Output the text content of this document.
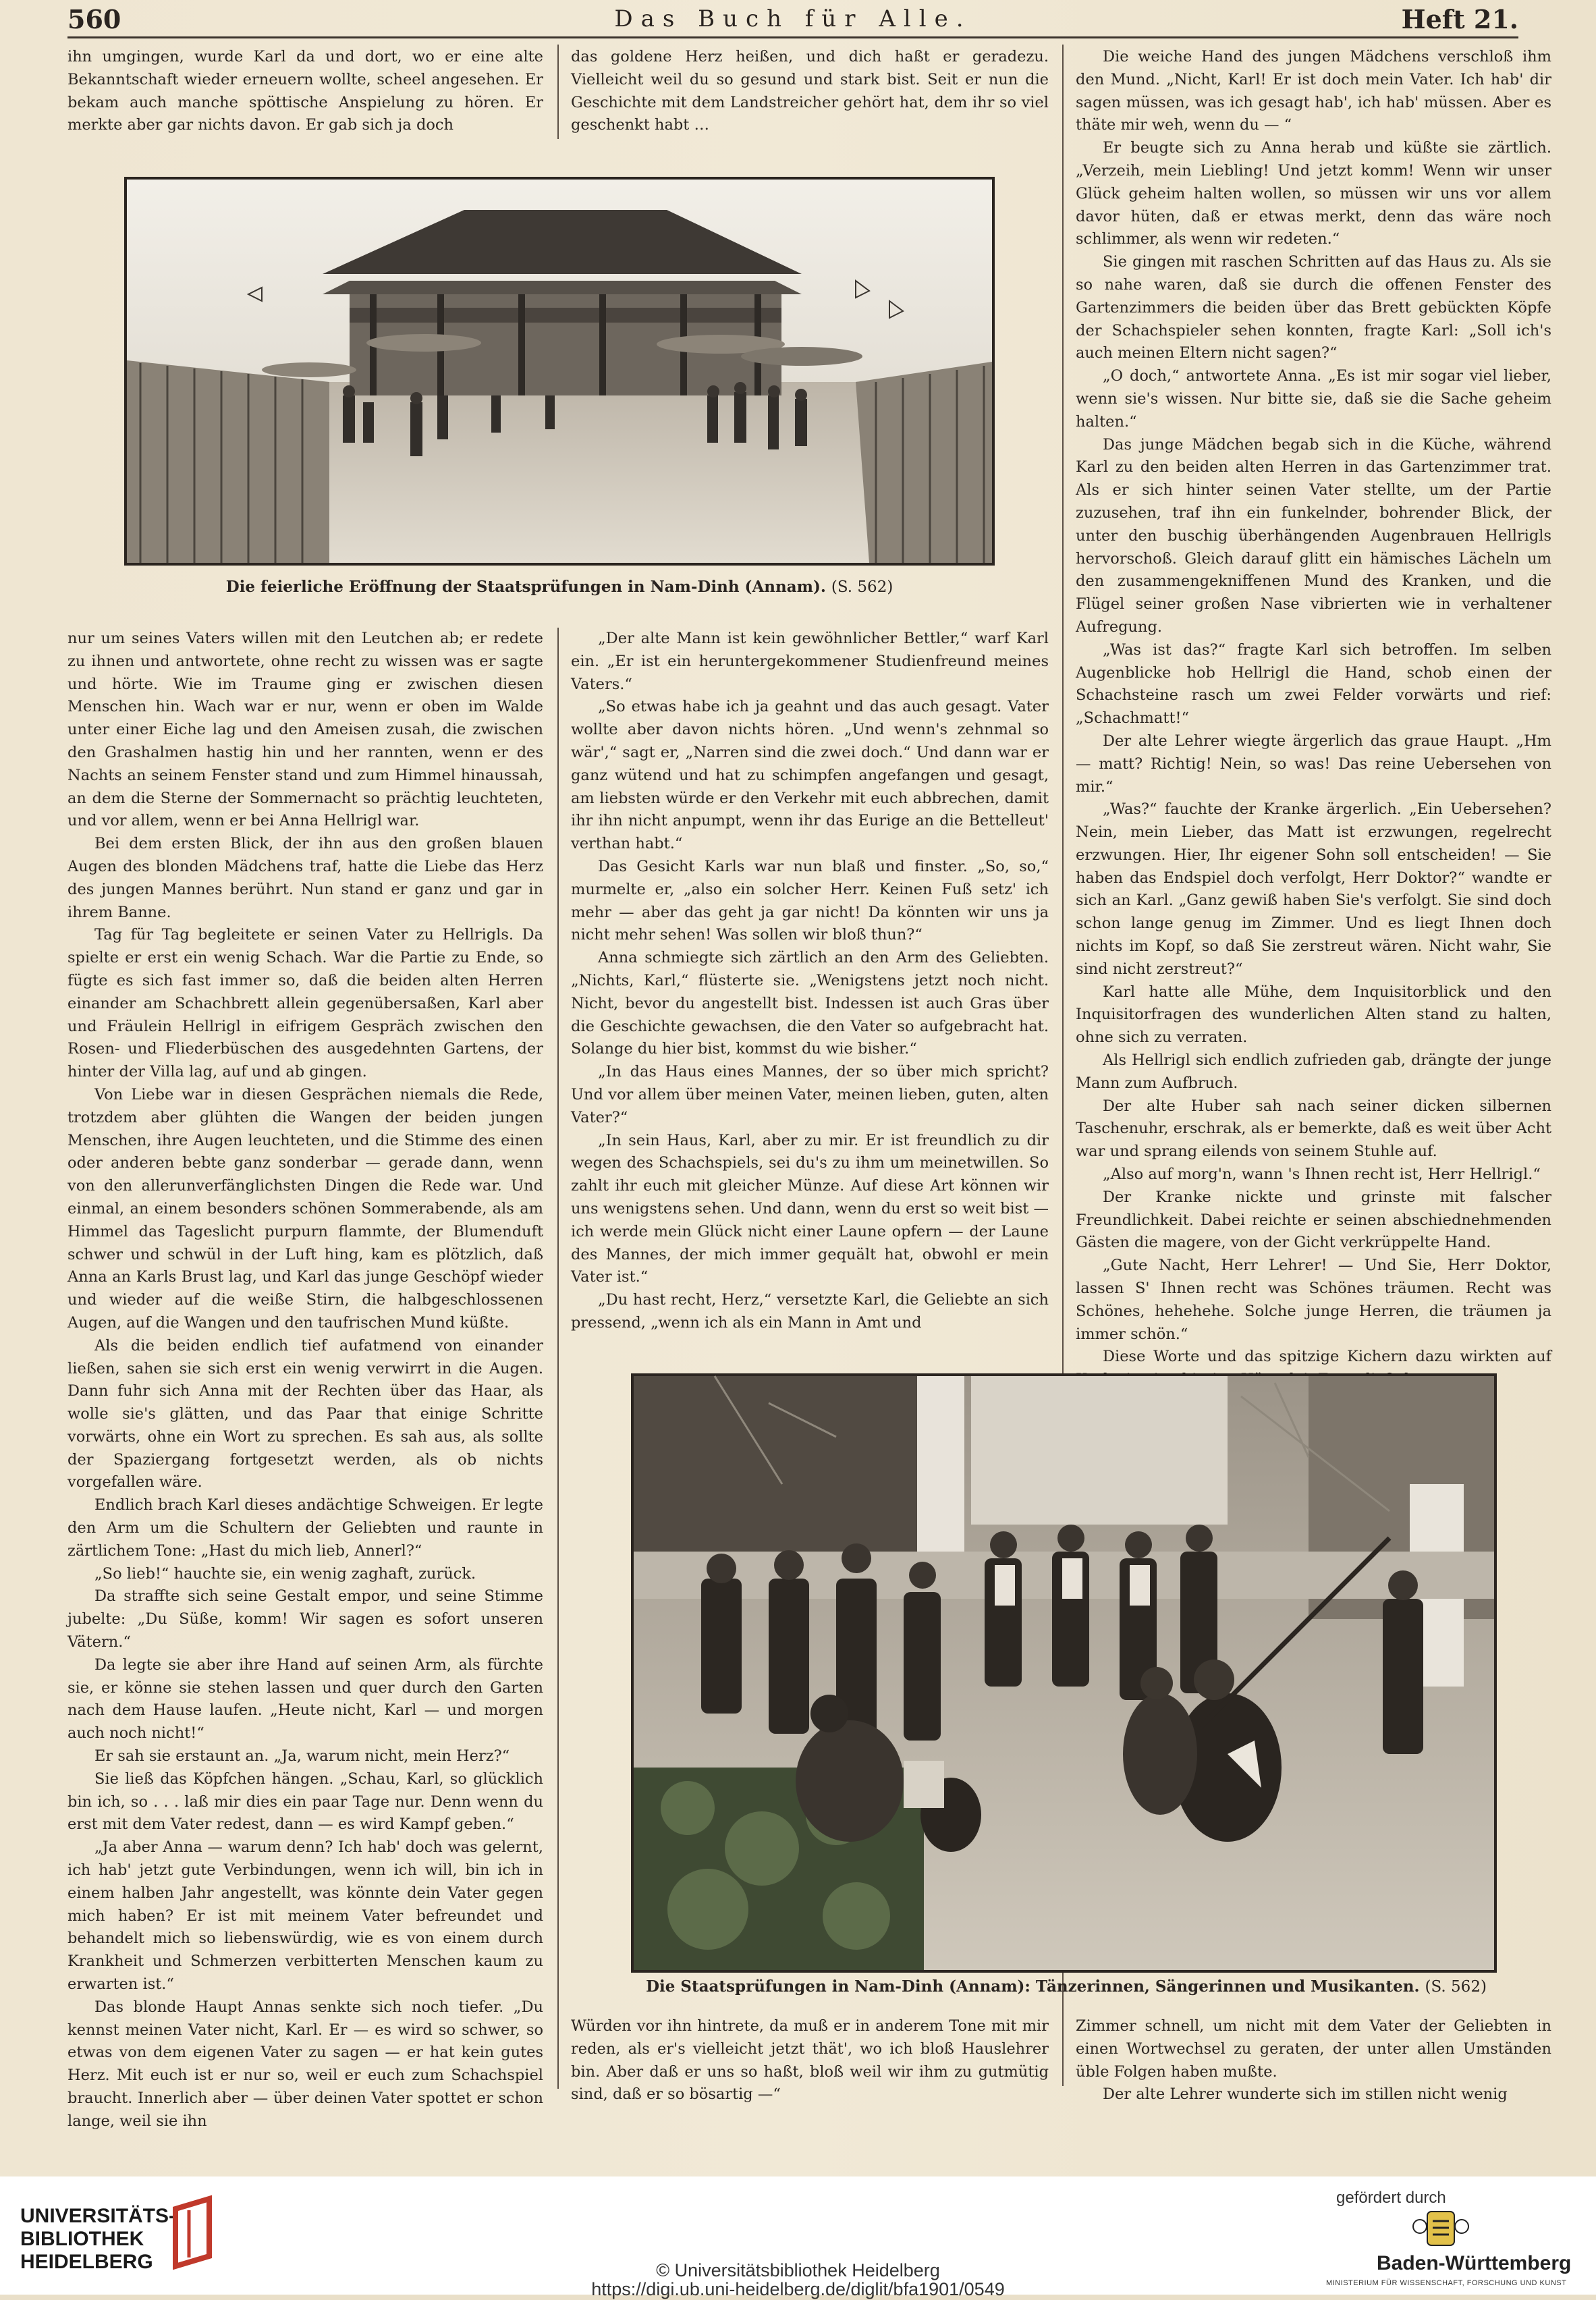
560	Das Buch für Alle.	Heft 21.

ihn umgingen, wurde Karl da und dort, wo er eine alte Bekanntschaft wieder erneuern wollte, scheel angesehen. Er bekam auch manche spöttische Anspielung zu hören. Er merkte aber gar nichts davon. Er gab sich ja doch

das goldene Herz heißen, und dich haßt er geradezu. Vielleicht weil du so gesund und stark bist. Seit er nun die Geschichte mit dem Landstreicher gehört hat, dem ihr so viel geschenkt habt …

Die feierliche Eröffnung der Staatsprüfungen in Nam-Dinh (Annam). (S. 562)

nur um seines Vaters willen mit den Leutchen ab; er redete zu ihnen und antwortete, ohne recht zu wissen was er sagte und hörte. Wie im Traume ging er zwischen diesen Menschen hin. Wach war er nur, wenn er oben im Walde unter einer Eiche lag und den Ameisen zusah, die zwischen den Grashalmen hastig hin und her rannten, wenn er des Nachts an seinem Fenster stand und zum Himmel hinaussah, an dem die Sterne der Sommernacht so prächtig leuchteten, und vor allem, wenn er bei Anna Hellrigl war.

Bei dem ersten Blick, der ihn aus den großen blauen Augen des blonden Mädchens traf, hatte die Liebe das Herz des jungen Mannes berührt. Nun stand er ganz und gar in ihrem Banne.

Tag für Tag begleitete er seinen Vater zu Hellrigls. Da spielte er erst ein wenig Schach. War die Partie zu Ende, so fügte es sich fast immer so, daß die beiden alten Herren einander am Schachbrett allein gegenübersaßen, Karl aber und Fräulein Hellrigl in eifrigem Gespräch zwischen den Rosen- und Fliederbüschen des ausgedehnten Gartens, der hinter der Villa lag, auf und ab gingen.

Von Liebe war in diesen Gesprächen niemals die Rede, trotzdem aber glühten die Wangen der beiden jungen Menschen, ihre Augen leuchteten, und die Stimme des einen oder anderen bebte ganz sonderbar — gerade dann, wenn von den allerunverfänglichsten Dingen die Rede war. Und einmal, an einem besonders schönen Sommerabende, als am Himmel das Tageslicht purpurn flammte, der Blumenduft schwer und schwül in der Luft hing, kam es plötzlich, daß Anna an Karls Brust lag, und Karl das junge Geschöpf wieder und wieder auf die weiße Stirn, die halbgeschlossenen Augen, auf die Wangen und den taufrischen Mund küßte.

Als die beiden endlich tief aufatmend von einander ließen, sahen sie sich erst ein wenig verwirrt in die Augen. Dann fuhr sich Anna mit der Rechten über das Haar, als wolle sie's glätten, und das Paar that einige Schritte vorwärts, ohne ein Wort zu sprechen. Es sah aus, als sollte der Spaziergang fortgesetzt werden, als ob nichts vorgefallen wäre.

Endlich brach Karl dieses andächtige Schweigen. Er legte den Arm um die Schultern der Geliebten und raunte in zärtlichem Tone: „Hast du mich lieb, Annerl?“

„So lieb!“ hauchte sie, ein wenig zaghaft, zurück.

Da straffte sich seine Gestalt empor, und seine Stimme jubelte: „Du Süße, komm! Wir sagen es sofort unseren Vätern.“

Da legte sie aber ihre Hand auf seinen Arm, als fürchte sie, er könne sie stehen lassen und quer durch den Garten nach dem Hause laufen. „Heute nicht, Karl — und morgen auch noch nicht!“

Er sah sie erstaunt an. „Ja, warum nicht, mein Herz?“

Sie ließ das Köpfchen hängen. „Schau, Karl, so glücklich bin ich, so . . . laß mir dies ein paar Tage nur. Denn wenn du erst mit dem Vater redest, dann — es wird Kampf geben.“

„Ja aber Anna — warum denn? Ich hab' doch was gelernt, ich hab' jetzt gute Verbindungen, wenn ich will, bin ich in einem halben Jahr angestellt, was könnte dein Vater gegen mich haben? Er ist mit meinem Vater befreundet und behandelt mich so liebenswürdig, wie es von einem durch Krankheit und Schmerzen verbitterten Menschen kaum zu erwarten ist.“

Das blonde Haupt Annas senkte sich noch tiefer. „Du kennst meinen Vater nicht, Karl. Er — es wird so schwer, so etwas von dem eigenen Vater zu sagen — er hat kein gutes Herz. Mit euch ist er nur so, weil er euch zum Schachspiel braucht. Innerlich aber — über deinen Vater spottet er schon lange, weil sie ihn

„Der alte Mann ist kein gewöhnlicher Bettler,“ warf Karl ein. „Er ist ein heruntergekommener Studienfreund meines Vaters.“

„So etwas habe ich ja geahnt und das auch gesagt. Vater wollte aber davon nichts hören. „Und wenn's zehnmal so wär',“ sagt er, „Narren sind die zwei doch.“ Und dann war er ganz wütend und hat zu schimpfen angefangen und gesagt, am liebsten würde er den Verkehr mit euch abbrechen, damit ihr ihn nicht anpumpt, wenn ihr das Eurige an die Bettelleut' verthan habt.“

Das Gesicht Karls war nun blaß und finster. „So, so,“ murmelte er, „also ein solcher Herr. Keinen Fuß setz' ich mehr — aber das geht ja gar nicht! Da könnten wir uns ja nicht mehr sehen! Was sollen wir bloß thun?“

Anna schmiegte sich zärtlich an den Arm des Geliebten. „Nichts, Karl,“ flüsterte sie. „Wenigstens jetzt noch nicht. Nicht, bevor du angestellt bist. Indessen ist auch Gras über die Geschichte gewachsen, die den Vater so aufgebracht hat. Solange du hier bist, kommst du wie bisher.“

„In das Haus eines Mannes, der so über mich spricht? Und vor allem über meinen Vater, meinen lieben, guten, alten Vater?“

„In sein Haus, Karl, aber zu mir. Er ist freundlich zu dir wegen des Schachspiels, sei du's zu ihm um meinetwillen. So zahlt ihr euch mit gleicher Münze. Auf diese Art können wir uns wenigstens sehen. Und dann, wenn du erst so weit bist — ich werde mein Glück nicht einer Laune opfern — der Laune des Mannes, der mich immer gequält hat, obwohl er mein Vater ist.“

„Du hast recht, Herz,“ versetzte Karl, die Geliebte an sich pressend, „wenn ich als ein Mann in Amt und

Die weiche Hand des jungen Mädchens verschloß ihm den Mund. „Nicht, Karl! Er ist doch mein Vater. Ich hab' dir sagen müssen, was ich gesagt hab', ich hab' müssen. Aber es thäte mir weh, wenn du — “

Er beugte sich zu Anna herab und küßte sie zärtlich. „Verzeih, mein Liebling! Und jetzt komm! Wenn wir unser Glück geheim halten wollen, so müssen wir uns vor allem davor hüten, daß er etwas merkt, denn das wäre noch schlimmer, als wenn wir redeten.“

Sie gingen mit raschen Schritten auf das Haus zu. Als sie so nahe waren, daß sie durch die offenen Fenster des Gartenzimmers die beiden über das Brett gebückten Köpfe der Schachspieler sehen konnten, fragte Karl: „Soll ich's auch meinen Eltern nicht sagen?“

„O doch,“ antwortete Anna. „Es ist mir sogar viel lieber, wenn sie's wissen. Nur bitte sie, daß sie die Sache geheim halten.“

Das junge Mädchen begab sich in die Küche, während Karl zu den beiden alten Herren in das Gartenzimmer trat. Als er sich hinter seinen Vater stellte, um der Partie zuzusehen, traf ihn ein funkelnder, bohrender Blick, der unter den buschig überhängenden Augenbrauen Hellrigls hervorschoß. Gleich darauf glitt ein hämisches Lächeln um den zusammengekniffenen Mund des Kranken, und die Flügel seiner großen Nase vibrierten wie in verhaltener Aufregung.

„Was ist das?“ fragte Karl sich betroffen. Im selben Augenblicke hob Hellrigl die Hand, schob einen der Schachsteine rasch um zwei Felder vorwärts und rief: „Schachmatt!“

Der alte Lehrer wiegte ärgerlich das graue Haupt. „Hm — matt? Richtig! Nein, so was! Das reine Uebersehen von mir.“

„Was?“ fauchte der Kranke ärgerlich. „Ein Uebersehen? Nein, mein Lieber, das Matt ist erzwungen, regelrecht erzwungen. Hier, Ihr eigener Sohn soll entscheiden! — Sie haben das Endspiel doch verfolgt, Herr Doktor?“ wandte er sich an Karl. „Ganz gewiß haben Sie's verfolgt. Sie sind doch schon lange genug im Zimmer. Und es liegt Ihnen doch nichts im Kopf, so daß Sie zerstreut wären. Nicht wahr, Sie sind nicht zerstreut?“

Karl hatte alle Mühe, dem Inquisitorblick und den Inquisitorfragen des wunderlichen Alten stand zu halten, ohne sich zu verraten.

Als Hellrigl sich endlich zufrieden gab, drängte der junge Mann zum Aufbruch.

Der alte Huber sah nach seiner dicken silbernen Taschenuhr, erschrak, als er bemerkte, daß es weit über Acht war und sprang eilends von seinem Stuhle auf.

„Also auf morg'n, wann 's Ihnen recht ist, Herr Hellrigl.“

Der Kranke nickte und grinste mit falscher Freundlichkeit. Dabei reichte er seinen abschiednehmenden Gästen die magere, von der Gicht verkrüppelte Hand.

„Gute Nacht, Herr Lehrer! — Und Sie, Herr Doktor, lassen S' Ihnen recht was Schönes träumen. Recht was Schönes, hehehehe. Solche junge Herren, die träumen ja immer schön.“

Diese Worte und das spitzige Kichern dazu wirkten auf

Die Staatsprüfungen in Nam-Dinh (Annam): Tänzerinnen, Sängerinnen und Musikanten. (S. 562)

Würden vor ihn hintrete, da muß er in anderem Tone mit mir reden, als er's vielleicht jetzt thät', wo ich bloß Hauslehrer bin. Aber daß er uns so haßt, bloß weil wir ihm zu gutmütig sind, daß er so bösartig —“

Zimmer schnell, um nicht mit dem Vater der Geliebten in einen Wortwechsel zu geraten, der unter allen Umständen üble Folgen haben mußte.

Der alte Lehrer wunderte sich im stillen nicht wenig

UNIVERSITÄTS-
BIBLIOTHEK
HEIDELBERG	© Universitätsbibliothek Heidelberg
https://digi.ub.uni-heidelberg.de/diglit/bfa1901/0549
gefördert durch
Baden-Württemberg
MINISTERIUM FÜR WISSENSCHAFT, FORSCHUNG UND KUNST
